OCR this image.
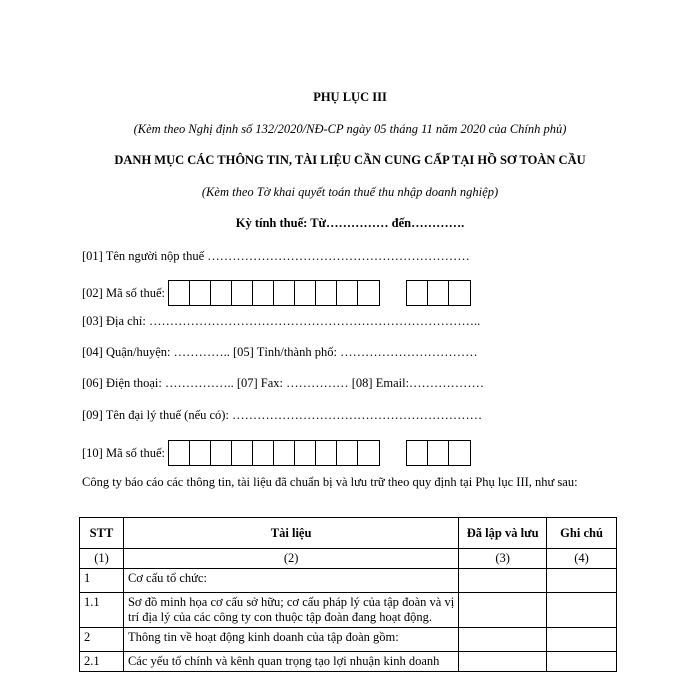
PHỤ LỤC III
(Kèm theo Nghị định số 132/2020/NĐ-CP ngày 05 tháng 11 năm 2020 của Chính phủ)
DANH MỤC CÁC THÔNG TIN, TÀI LIỆU CẦN CUNG CẤP TẠI HỒ SƠ TOÀN CẦU
(Kèm theo Tờ khai quyết toán thuế thu nhập doanh nghiệp)
Kỳ tính thuế: Từ…………… đến………….
[01] Tên người nộp thuế ………………………………………………………
[02] Mã số thuế:
[03] Địa chỉ: ……………………………………………………………………..
[04] Quận/huyện: ………….. [05] Tỉnh/thành phố: ……………………………
[06] Điện thoại: …………….. [07] Fax: …………… [08] Email:………………
[09] Tên đại lý thuế (nếu có): ……………………………………………………
[10] Mã số thuế:
Công ty báo cáo các thông tin, tài liệu đã chuẩn bị và lưu trữ theo quy định tại Phụ lục III, như sau:
STT	Tài liệu	Đã lập và lưu	Ghi chú
(1)	(2)	(3)	(4)
1	Cơ cấu tổ chức:		
1.1	Sơ đồ minh họa cơ cấu sở hữu; cơ cấu pháp lý của tập đoàn và vị trí địa lý của các công ty con thuộc tập đoàn đang hoạt động.		
2	Thông tin về hoạt động kinh doanh của tập đoàn gồm:		
2.1	Các yếu tố chính và kênh quan trọng tạo lợi nhuận kinh doanh		
